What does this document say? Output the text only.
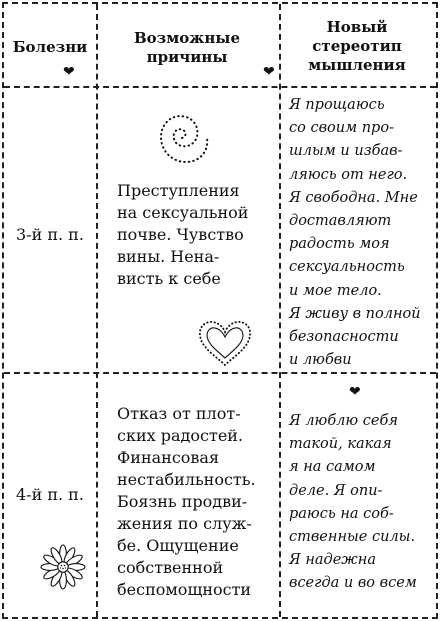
Болезни
❤
Возможные
причины
❤
Новый
стереотип
мышления
3-й п. п.
Преступления
на сексуальной
почве. Чувство
вины. Нена-
висть к себе
Я прощаюсь
со своим про-
шлым и избав-
ляюсь от него.
Я свободна. Мне
доставляют
радость моя
сексуальность
и мое тело.
Я живу в полной
безопасности
и любви
4-й п. п.
Отказ от плот-
ских радостей.
Финансовая
нестабильность.
Боязнь продви-
жения по служ-
бе. Ощущение
собственной
беспомощности
❤
Я люблю себя
такой, какая
я на самом
деле. Я опи-
раюсь на соб-
ственные силы.
Я надежна
всегда и во всем
